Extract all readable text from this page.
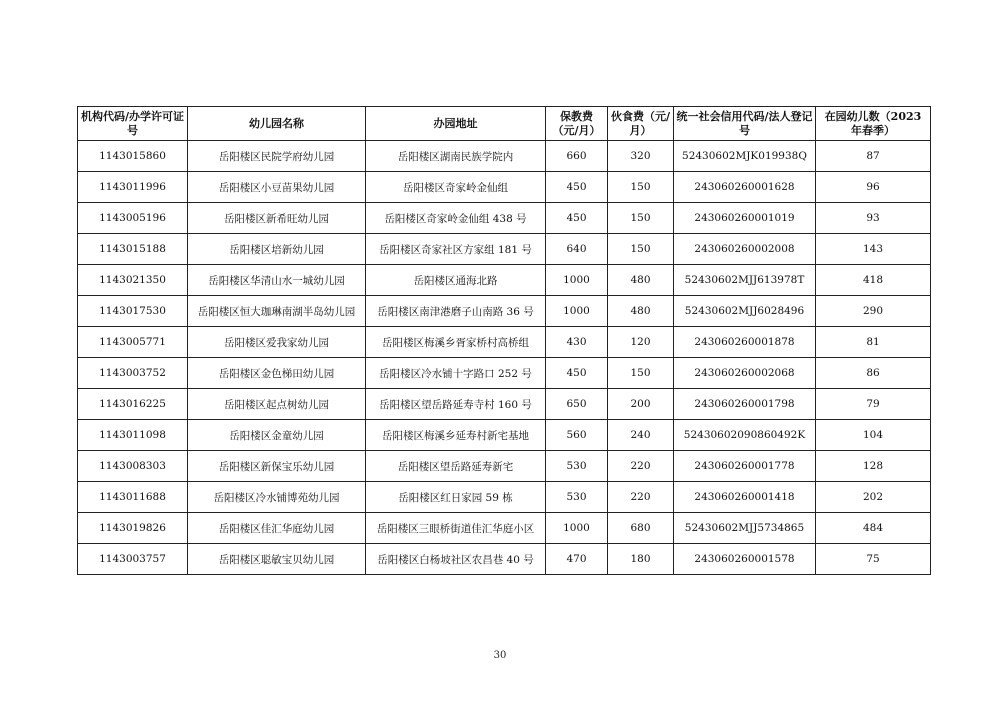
机构代码/办学许可证号	幼儿园名称	办园地址	保教费（元/月）	伙食费（元/月）	统一社会信用代码/法人登记号	在园幼儿数（2023 年春季）
1143015860	岳阳楼区民院学府幼儿园	岳阳楼区湖南民族学院内	660	320	52430602MJK019938Q	87
1143011996	岳阳楼区小豆苗果幼儿园	岳阳楼区奇家岭金仙组	450	150	243060260001628	96
1143005196	岳阳楼区新希旺幼儿园	岳阳楼区奇家岭金仙组 438 号	450	150	243060260001019	93
1143015188	岳阳楼区培新幼儿园	岳阳楼区奇家社区方家组 181 号	640	150	243060260002008	143
1143021350	岳阳楼区华清山水一城幼儿园	岳阳楼区通海北路	1000	480	52430602MJJ613978T	418
1143017530	岳阳楼区恒大珈琳南湖半岛幼儿园	岳阳楼区南津港磨子山南路 36 号	1000	480	52430602MJJ6028496	290
1143005771	岳阳楼区爱我家幼儿园	岳阳楼区梅溪乡胥家桥村高桥组	430	120	243060260001878	81
1143003752	岳阳楼区金色梯田幼儿园	岳阳楼区冷水铺十字路口 252 号	450	150	243060260002068	86
1143016225	岳阳楼区起点树幼儿园	岳阳楼区望岳路延寿寺村 160 号	650	200	243060260001798	79
1143011098	岳阳楼区金童幼儿园	岳阳楼区梅溪乡延寿村新宅基地	560	240	52430602090860492K	104
1143008303	岳阳楼区新保宝乐幼儿园	岳阳楼区望岳路延寿新宅	530	220	243060260001778	128
1143011688	岳阳楼区冷水铺博苑幼儿园	岳阳楼区红日家园 59 栋	530	220	243060260001418	202
1143019826	岳阳楼区佳汇华庭幼儿园	岳阳楼区三眼桥街道佳汇华庭小区	1000	680	52430602MJJ5734865	484
1143003757	岳阳楼区聪敏宝贝幼儿园	岳阳楼区白杨坡社区农昌巷 40 号	470	180	243060260001578	75
30
